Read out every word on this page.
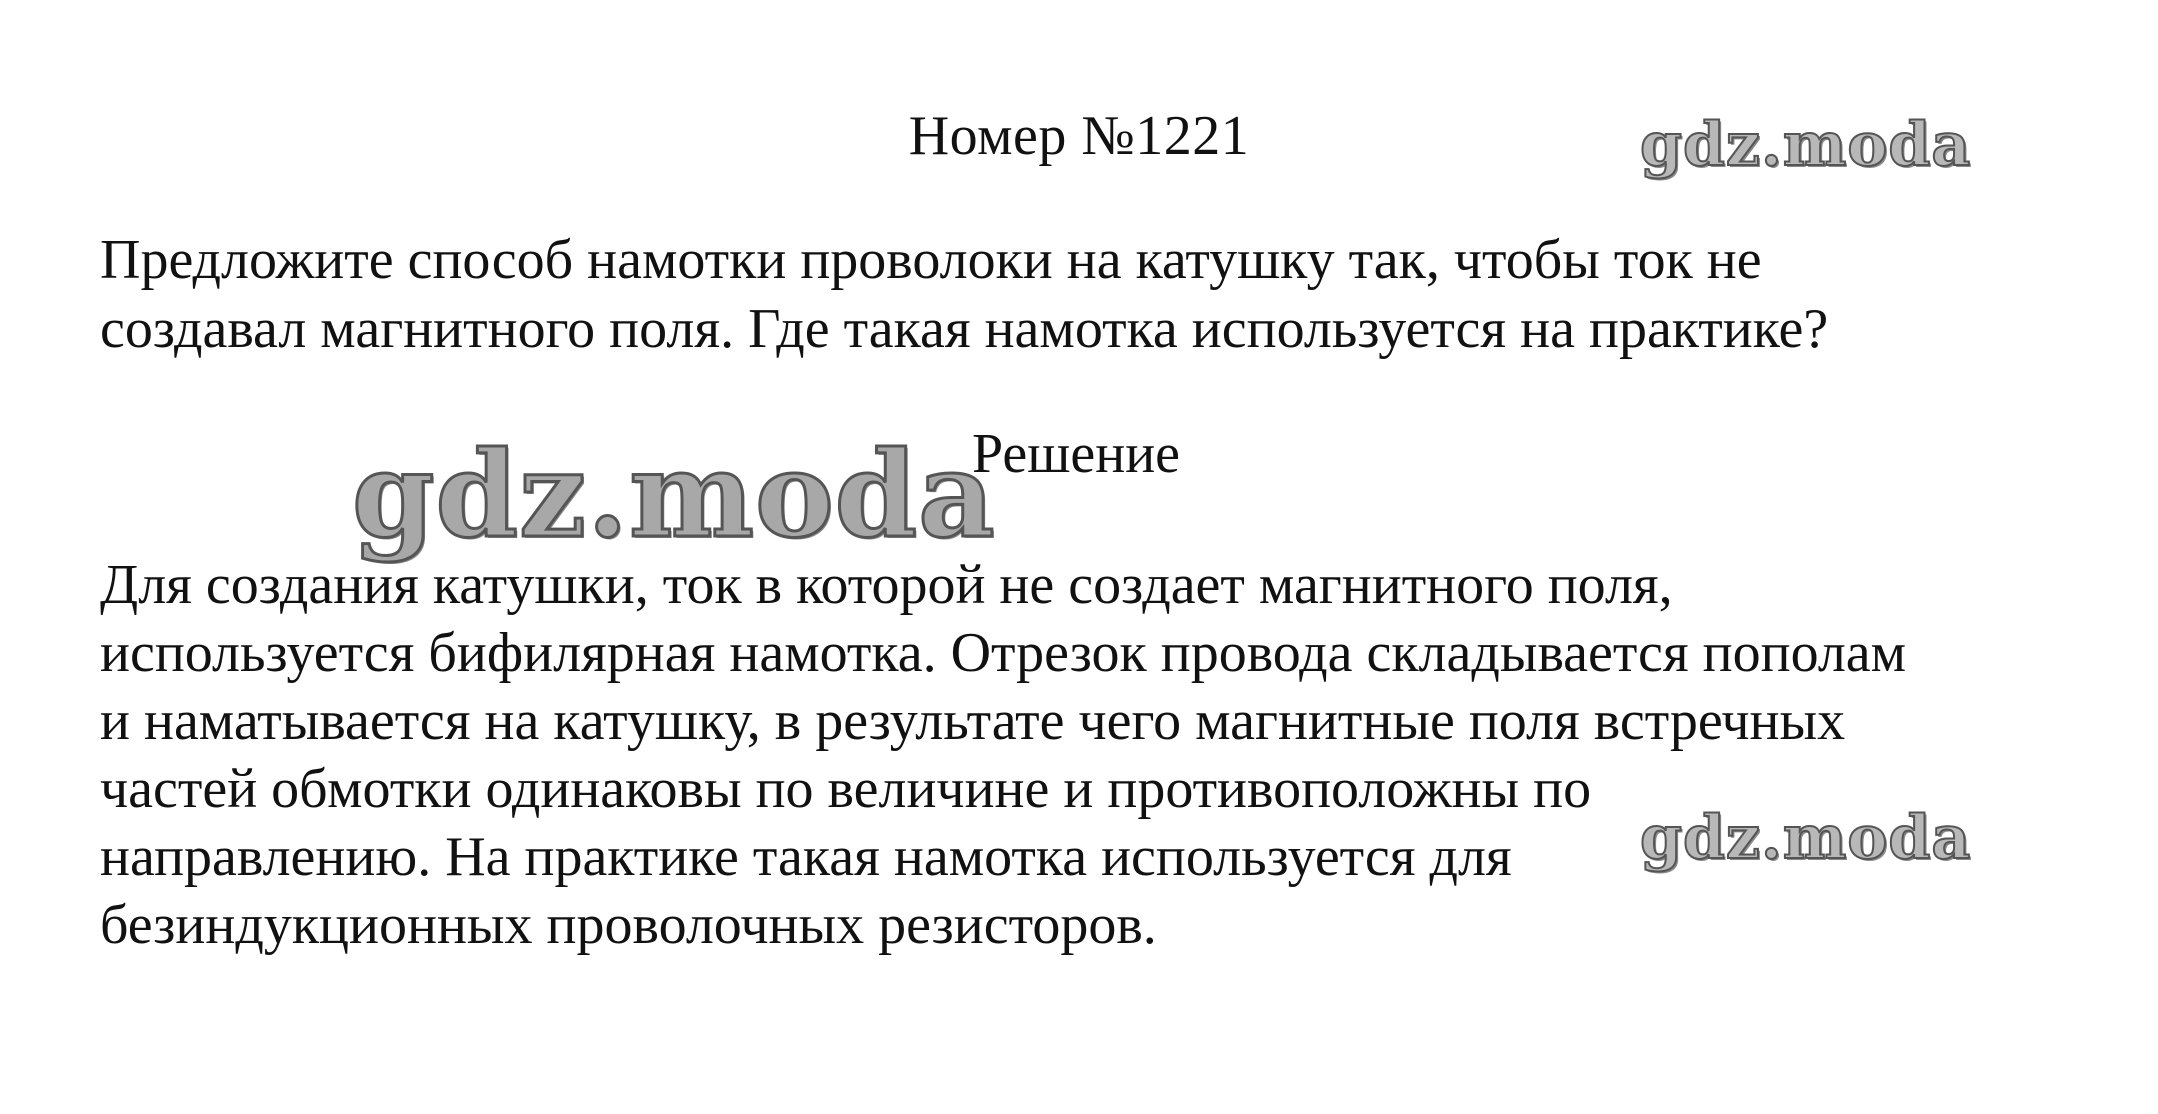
Номер №1221	gdz.moda
Предложите способ намотки проволоки на катушку так, чтобы ток не
создавал магнитного поля. Где такая намотка используется на практике?
Решение
gdz.moda
Для создания катушки, ток в которой не создает магнитного поля,
используется бифилярная намотка. Отрезок провода складывается пополам
и наматывается на катушку, в результате чего магнитные поля встречных
частей обмотки одинаковы по величине и противоположны по
направлению. На практике такая намотка используется для
безиндукционных проволочных резисторов.
gdz.moda
